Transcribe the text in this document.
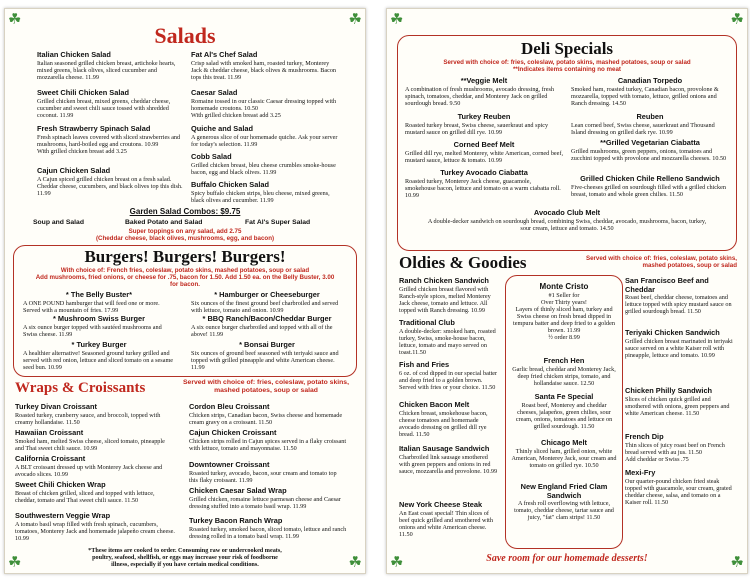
☘	☘
☘	☘
Salads
Italian Chicken Salad
Italian seasoned grilled chicken breast, artichoke hearts, mixed greens, black olives, sliced cucumber and mozzarella cheese. 11.99
Sweet Chili Chicken Salad
Grilled chicken breast, mixed greens, cheddar cheese, cucumber and sweet chili sauce tossed with shredded coconut. 11.99
Fresh Strawberry Spinach Salad
Fresh spinach leaves covered with sliced strawberries and mushrooms, hard-boiled egg and croutons. 10.99
With grilled chicken breast add 3.25
Cajun Chicken Salad
A Cajun spiced grilled chicken breast on a fresh salad. Cheddar cheese, cucumbers, and black olives top this dish. 11.99
Fat Al's Chef Salad
Crisp salad with smoked ham, roasted turkey, Monterey Jack & cheddar cheese, black olives & mushrooms. Bacon tops this treat. 11.99
Caesar Salad
Romaine tossed in our classic Caesar dressing topped with homemade croutons. 10.50
With grilled chicken breast add 3.25
Quiche and Salad
A generous slice of our homemade quiche. Ask your server for today's selection. 11.99
Cobb Salad
Grilled chicken breast, bleu cheese crumbles smoke-house bacon, egg and black olives. 11.99
Buffalo Chicken Salad
Spicy buffalo chicken strips, bleu cheese, mixed greens, black olives and cucumber. 11.99
Garden Salad Combos: $9.75
Soup and Salad	Baked Potato and Salad	Fat Al's Super Salad
Super toppings on any salad, add 2.75
(Cheddar cheese, black olives, mushrooms, egg, and bacon)
Burgers! Burgers! Burgers!
With choice of: French fries, coleslaw, potato skins, mashed potatoes, soup or salad
Add mushrooms, fried onions, or cheese for .75, bacon for 1.50. Add 1.50 ea. on the Belly Buster, 3.00 for bacon.
* The Belly Buster*
A ONE POUND hamburger that will feed one or more. Served with a mountain of fries. 17.99
* Hamburger or Cheeseburger
Six ounces of the finest ground beef charbroiled and served with lettuce, tomato and onion. 10.99
* Mushroom Swiss Burger
A six ounce burger topped with sautéed mushrooms and Swiss cheese. 11.99
* BBQ Ranch/Bacon/Cheddar Burger
A six ounce burger charbroiled and topped with all of the above! 11.99
* Turkey Burger
A healthier alternative! Seasoned ground turkey grilled and served with red onion, lettuce and sliced tomato on a sesame seed bun. 10.99
* Bonsai Burger
Six ounces of ground beef seasoned with teriyaki sauce and topped with grilled pineapple and white American cheese. 11.99
Wraps & Croissants	Served with choice of: fries, coleslaw, potato skins, mashed potatoes, soup or salad
Turkey Divan Croissant
Roasted turkey, cranberry sauce, and broccoli, topped with creamy hollandaise. 11.50
Hawaiian Croissant
Smoked ham, melted Swiss cheese, sliced tomato, pineapple and Thai sweet chili sauce. 10.99
California Croissant
A BLT croissant dressed up with Monterey Jack cheese and avocado slices. 10.99
Sweet Chili Chicken Wrap
Breast of chicken grilled, sliced and topped with lettuce, cheddar, tomato and Thai sweet chili sauce. 11.50
Southwestern Veggie Wrap
A tomato basil wrap filled with fresh spinach, cucumbers, tomatoes, Monterey Jack and homemade jalapeño cream cheese. 10.99
Cordon Bleu Croissant
Chicken strips, Canadian bacon, Swiss cheese and homemade cream gravy on a croissant. 11.50
Cajun Chicken Croissant
Chicken strips rolled in Cajun spices served in a flaky croissant with lettuce, tomato and mayonnaise. 11.50
Downtowner Croissant
Roasted turkey, avocado, bacon, sour cream and tomato top this flaky croissant. 11.99
Chicken Caesar Salad Wrap
Grilled chicken, romaine lettuce parmesan cheese and Caesar dressing stuffed into a tomato basil wrap. 11.99
Turkey Bacon Ranch Wrap
Roasted turkey, smoked bacon, sliced tomato, lettuce and ranch dressing rolled in a tomato basil wrap. 11.99
*These items are cooked to order. Consuming raw or undercooked meats,
poultry, seafood, shellfish, or eggs may increase your risk of foodborne
illness, especially if you have certain medical conditions.
☘	☘
☘	☘
Deli Specials
Served with choice of: fries, coleslaw, potato skins, mashed potatoes, soup or salad
**Indicates items containing no meat
**Veggie Melt
A combination of fresh mushrooms, avocado dressing, fresh spinach, tomatoes, cheddar, and Monterey Jack on grilled sourdough bread. 9.50
Turkey Reuben
Roasted turkey breast, Swiss cheese, sauerkraut and spicy mustard sauce on grilled dill rye. 10.99
Corned Beef Melt
Grilled dill rye, melted Monterey, white American, corned beef, mustard sauce, lettuce & tomato. 10.99
Turkey Avocado Ciabatta
Roasted turkey, Monterey Jack cheese, guacamole, smokehouse bacon, lettuce and tomato on a warm ciabatta roll. 10.99
Canadian Torpedo
Smoked ham, roasted turkey, Canadian bacon, provolone & mozzarella, topped with tomato, lettuce, grilled onions and Ranch dressing. 14.50
Reuben
Lean corned beef, Swiss cheese, sauerkraut and Thousand Island dressing on grilled dark rye. 10.99
**Grilled Vegetarian Ciabatta
Grilled mushrooms, green peppers, onions, tomatoes and zucchini topped with provolone and mozzarella cheeses. 10.50
Grilled Chicken Chile Relleno Sandwich
Five-cheeses grilled on sourdough filled with a grilled chicken breast, tomato and whole green chilies. 11.50
Avocado Club Melt
A double-decker sandwich on sourdough bread, combining Swiss, cheddar, avocado, mushrooms, bacon, turkey, sour cream, lettuce and tomato. 14.50
Oldies & Goodies	Served with choice of: fries, coleslaw, potato skins, mashed potatoes, soup or salad
Ranch Chicken Sandwich
Grilled chicken breast flavored with Ranch-style spices, melted Monterey Jack cheese, tomato and lettuce. All topped with Ranch dressing. 10.99
Traditional Club
A double-decker: smoked ham, roasted turkey, Swiss, smoke-house bacon, lettuce, tomato and mayo served on toast.11.50
Fish and Fries
6 oz. of cod dipped in our special batter and deep fried to a golden brown. Served with fries or your choice. 11.50
Chicken Bacon Melt
Chicken breast, smokehouse bacon, cheese tomatoes and homemade avocado dressing on grilled dill rye bread. 11.50
Italian Sausage Sandwich
Charbroiled link sausage smothered with green peppers and onions in red sauce, mozzarella and provolone. 10.99
New York Cheese Steak
An East coast special! Thin slices of beef quick grilled and smothered with onions and white American cheese. 11.50
Monte Cristo
#1 Seller for
Over Thirty years!
Layers of thinly sliced ham, turkey and Swiss cheese on fresh bread dipped in tempura batter and deep fried to a golden brown. 11.99
½ order 8.99
French Hen
Garlic bread, cheddar and Monterey Jack, deep fried chicken strips, tomato, and hollandaise sauce. 12.50
Santa Fe Special
Roast beef, Monterey and cheddar cheeses, jalapeños, green chilies, sour cream, onions, tomatoes and lettuce on grilled sourdough. 11.50
Chicago Melt
Thinly sliced ham, grilled onion, white American, Monterey Jack, sour cream and tomato on grilled rye. 10.50
New England Fried Clam Sandwich
A fresh roll overflowing with lettuce, tomato, cheddar cheese, tartar sauce and juicy, "fat" clam strips! 11.50
San Francisco Beef and Cheddar
Roast beef, cheddar cheese, tomatoes and lettuce topped with spicy mustard sauce on grilled sourdough bread. 11.50
Teriyaki Chicken Sandwich
Grilled chicken breast marinated in teriyaki sauce served on a white Kaiser roll with pineapple, lettuce and tomato. 10.99
Chicken Philly Sandwich
Slices of chicken quick grilled and smothered with onions, green peppers and white American cheese. 11.50
French Dip
Thin slices of juicy roast beef on French bread served with au jus. 11.50
Add cheddar or Swiss .75
Mexi-Fry
Our quarter-pound chicken fried steak topped with guacamole, sour cream, grated cheddar cheese, salsa, and tomato on a Kaiser roll. 11.50
Save room for our homemade desserts!
